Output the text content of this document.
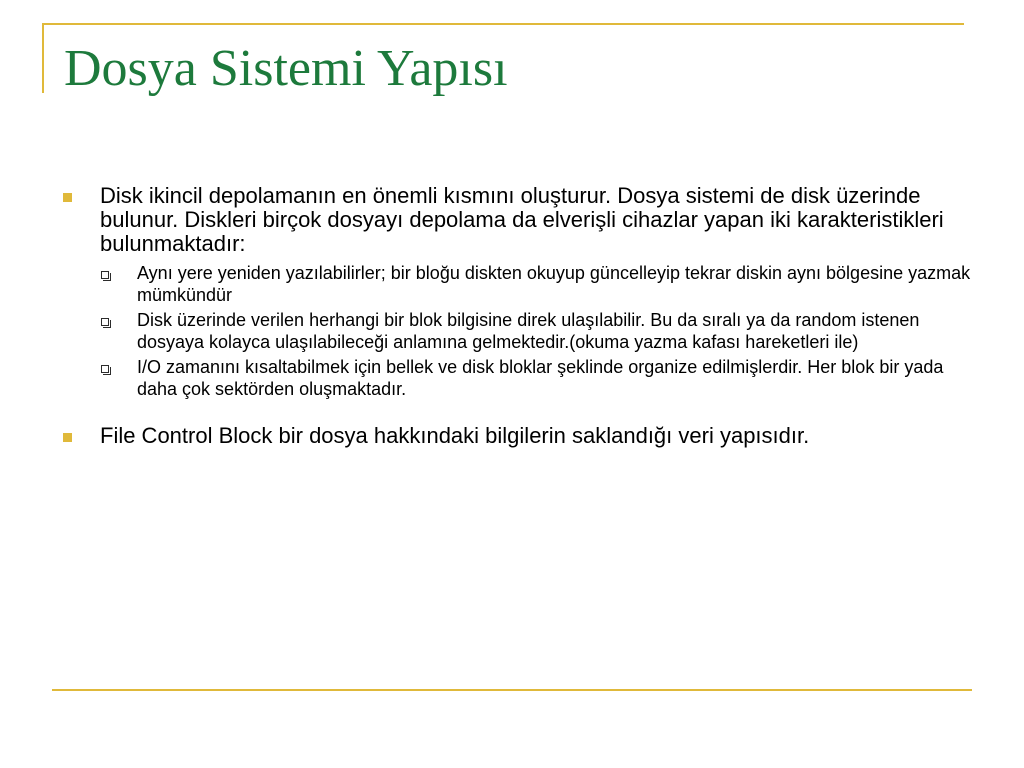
Dosya Sistemi Yapısı
Disk ikincil depolamanın en önemli kısmını oluşturur. Dosya sistemi de disk üzerinde bulunur. Diskleri birçok dosyayı depolama da elverişli cihazlar yapan iki karakteristikleri bulunmaktadır:
Aynı yere yeniden yazılabilirler; bir bloğu diskten okuyup güncelleyip tekrar diskin aynı bölgesine yazmak mümkündür
Disk üzerinde verilen herhangi bir blok bilgisine direk ulaşılabilir. Bu da sıralı ya da random istenen dosyaya kolayca ulaşılabileceği anlamına gelmektedir.(okuma yazma kafası hareketleri ile)
I/O zamanını kısaltabilmek için bellek ve disk bloklar şeklinde organize edilmişlerdir. Her blok bir yada daha çok sektörden oluşmaktadır.
File Control Block bir dosya hakkındaki bilgilerin saklandığı veri yapısıdır.
